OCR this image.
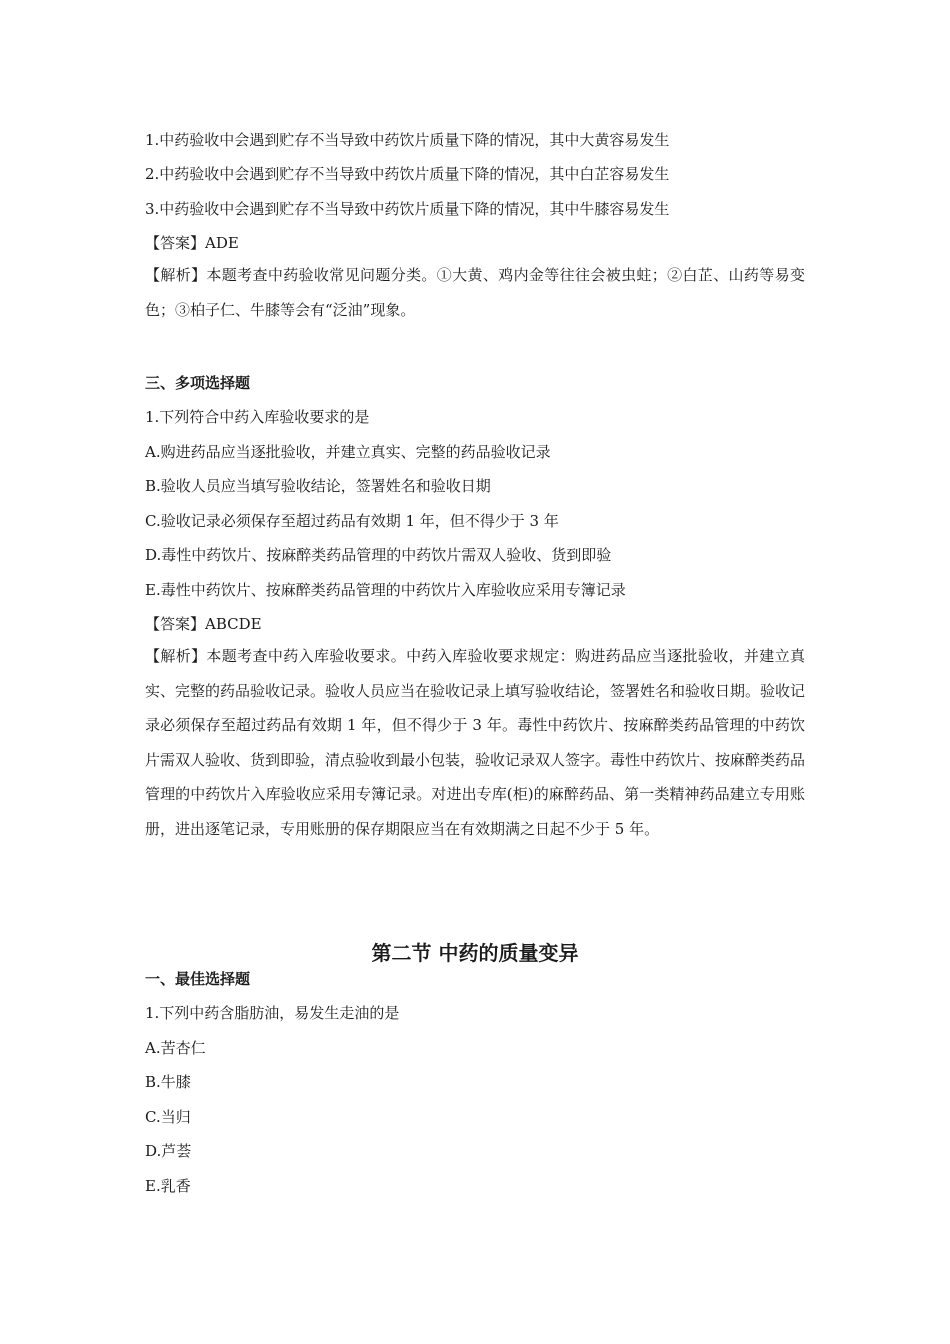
1.中药验收中会遇到贮存不当导致中药饮片质量下降的情况，其中大黄容易发生
2.中药验收中会遇到贮存不当导致中药饮片质量下降的情况，其中白芷容易发生
3.中药验收中会遇到贮存不当导致中药饮片质量下降的情况，其中牛膝容易发生
【答案】ADE
【解析】本题考查中药验收常见问题分类。①大黄、鸡内金等往往会被虫蛀；②白芷、山药等易变色；③柏子仁、牛膝等会有“泛油”现象。
三、多项选择题
1.下列符合中药入库验收要求的是
A.购进药品应当逐批验收，并建立真实、完整的药品验收记录
B.验收人员应当填写验收结论，签署姓名和验收日期
C.验收记录必须保存至超过药品有效期 1 年，但不得少于 3 年
D.毒性中药饮片、按麻醉类药品管理的中药饮片需双人验收、货到即验
E.毒性中药饮片、按麻醉类药品管理的中药饮片入库验收应采用专簿记录
【答案】ABCDE
【解析】本题考查中药入库验收要求。中药入库验收要求规定：购进药品应当逐批验收，并建立真实、完整的药品验收记录。验收人员应当在验收记录上填写验收结论，签署姓名和验收日期。验收记录必须保存至超过药品有效期 1 年，但不得少于 3 年。毒性中药饮片、按麻醉类药品管理的中药饮片需双人验收、货到即验，清点验收到最小包装，验收记录双人签字。毒性中药饮片、按麻醉类药品管理的中药饮片入库验收应采用专簿记录。对进出专库(柜)的麻醉药品、第一类精神药品建立专用账册，进出逐笔记录，专用账册的保存期限应当在有效期满之日起不少于 5 年。
第二节 中药的质量变异
一、最佳选择题
1.下列中药含脂肪油，易发生走油的是
A.苦杏仁
B.牛膝
C.当归
D.芦荟
E.乳香
